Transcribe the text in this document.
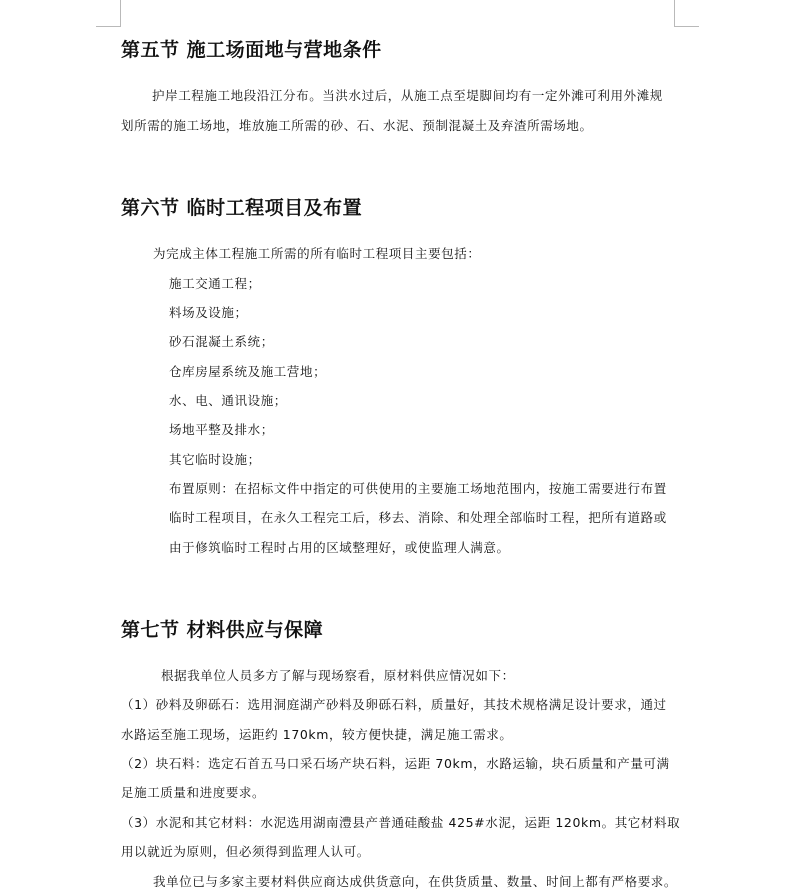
第五节 施工场面地与营地条件
护岸工程施工地段沿江分布。当洪水过后，从施工点至堤脚间均有一定外滩可利用外滩规
划所需的施工场地，堆放施工所需的砂、石、水泥、预制混凝土及弃渣所需场地。
第六节 临时工程项目及布置
为完成主体工程施工所需的所有临时工程项目主要包括：
施工交通工程；
料场及设施；
砂石混凝土系统；
仓库房屋系统及施工营地；
水、电、通讯设施；
场地平整及排水；
其它临时设施；
布置原则：在招标文件中指定的可供使用的主要施工场地范围内，按施工需要进行布置
临时工程项目，在永久工程完工后，移去、消除、和处理全部临时工程，把所有道路或
由于修筑临时工程时占用的区域整理好，或使监理人满意。
第七节 材料供应与保障
根据我单位人员多方了解与现场察看，原材料供应情况如下：
（1）砂料及卵砾石：选用洞庭湖产砂料及卵砾石料，质量好，其技术规格满足设计要求，通过
水路运至施工现场，运距约 170km，较方便快捷，满足施工需求。
（2）块石料：选定石首五马口采石场产块石料，运距 70km，水路运输，块石质量和产量可满
足施工质量和进度要求。
（3）水泥和其它材料：水泥选用湖南澧县产普通硅酸盐 425#水泥，运距 120km。其它材料取
用以就近为原则，但必须得到监理人认可。
我单位已与多家主要材料供应商达成供货意向，在供货质量、数量、时间上都有严格要求。
